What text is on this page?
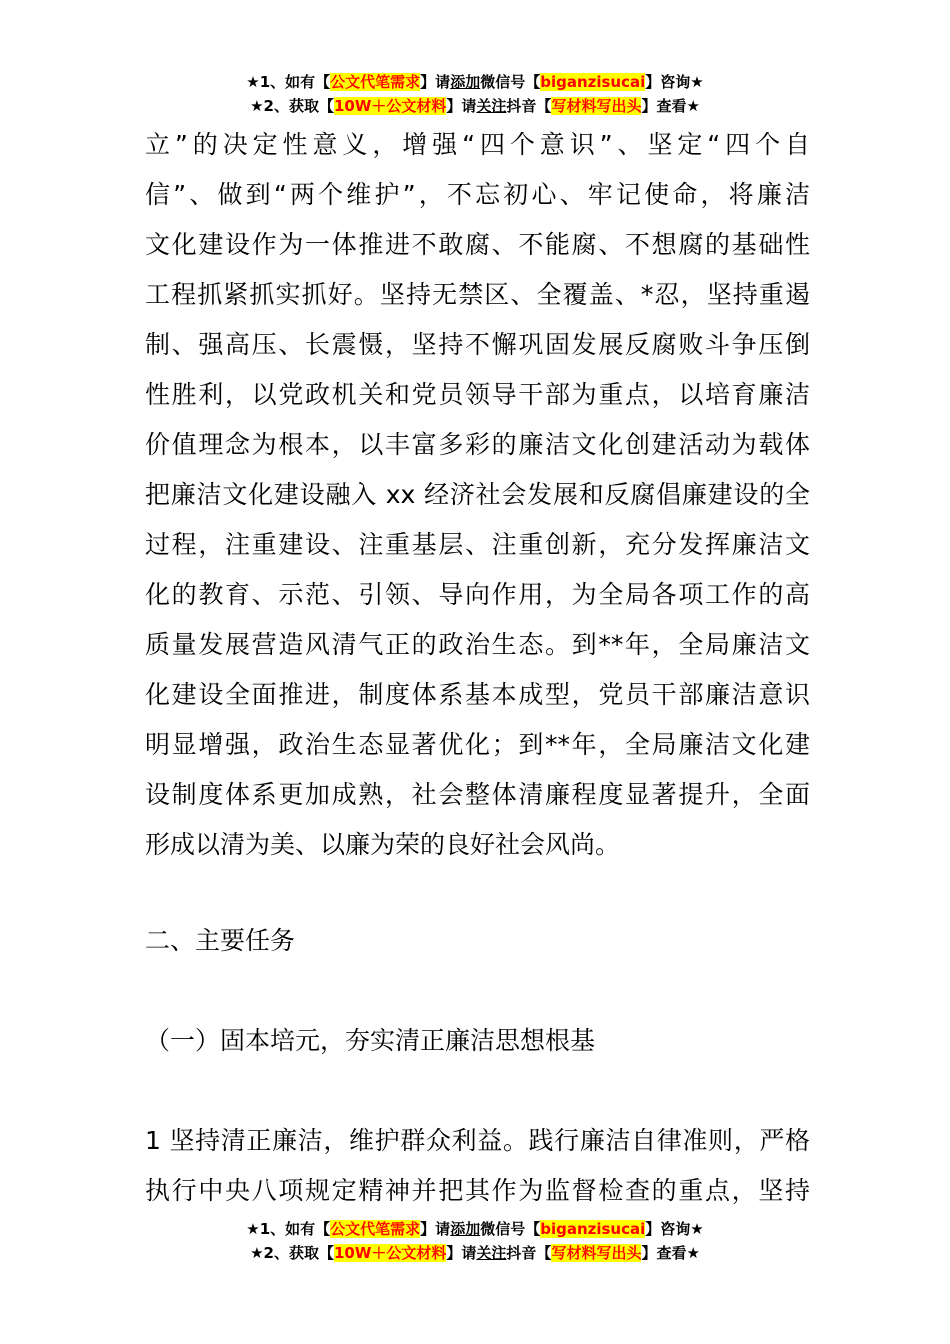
★1、如有【公文代笔需求】请添加微信号【biganzisucai】咨询★
★2、获取【10W＋公文材料】请关注抖音【写材料写出头】查看★
立”的决定性意义，增强“四个意识”、坚定“四个自
信”、做到“两个维护”，不忘初心、牢记使命，将廉洁
文化建设作为一体推进不敢腐、不能腐、不想腐的基础性
工程抓紧抓实抓好。坚持无禁区、全覆盖、*忍，坚持重遏
制、强高压、长震慑，坚持不懈巩固发展反腐败斗争压倒
性胜利，以党政机关和党员领导干部为重点，以培育廉洁
价值理念为根本，以丰富多彩的廉洁文化创建活动为载体
把廉洁文化建设融入 xx 经济社会发展和反腐倡廉建设的全
过程，注重建设、注重基层、注重创新，充分发挥廉洁文
化的教育、示范、引领、导向作用，为全局各项工作的高
质量发展营造风清气正的政治生态。到**年，全局廉洁文
化建设全面推进，制度体系基本成型，党员干部廉洁意识
明显增强，政治生态显著优化；到**年，全局廉洁文化建
设制度体系更加成熟，社会整体清廉程度显著提升，全面
形成以清为美、以廉为荣的良好社会风尚。
二、主要任务
（一）固本培元，夯实清正廉洁思想根基
1 坚持清正廉洁，维护群众利益。践行廉洁自律准则，严格
执行中央八项规定精神并把其作为监督检查的重点，坚持
★1、如有【公文代笔需求】请添加微信号【biganzisucai】咨询★
★2、获取【10W＋公文材料】请关注抖音【写材料写出头】查看★
